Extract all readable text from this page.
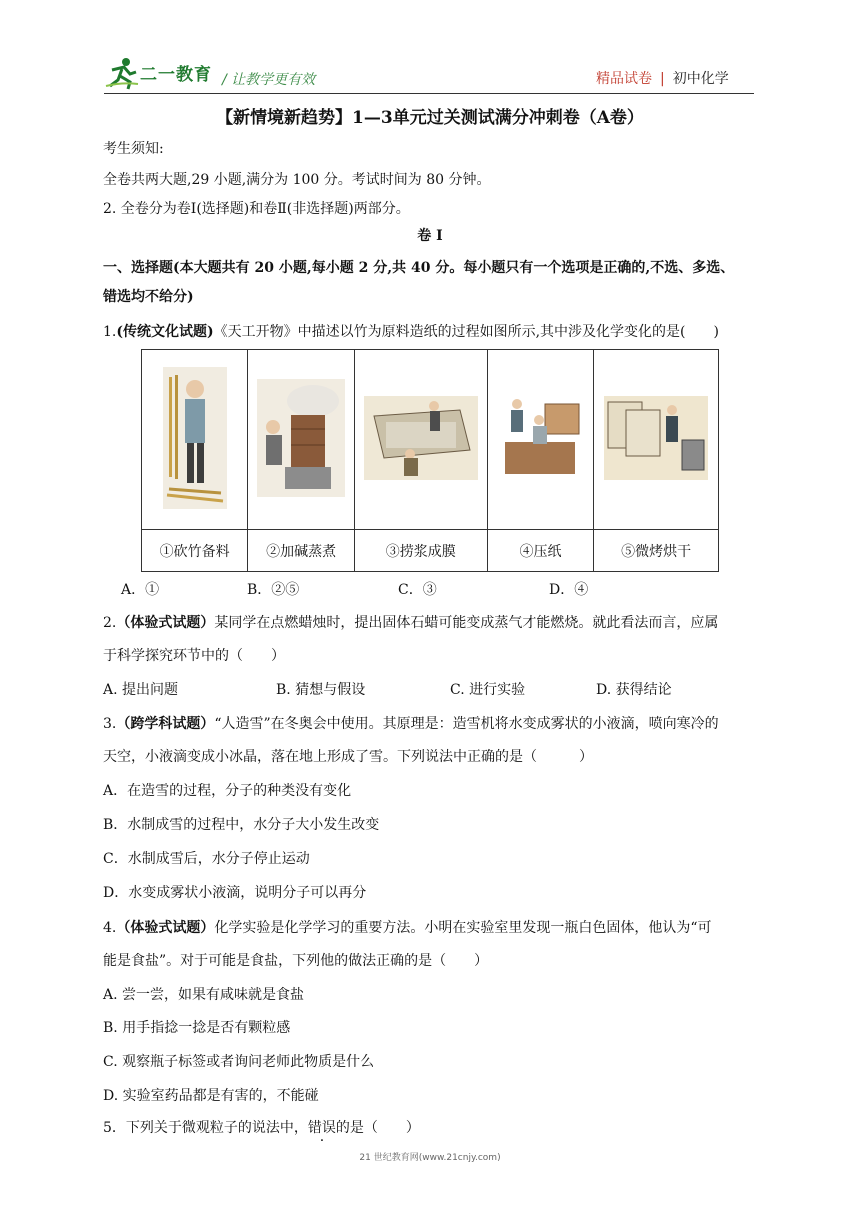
二一教育 / 让教学更有效	精品试卷 | 初中化学
【新情境新趋势】1—3单元过关测试满分冲刺卷（A卷）
考生须知:
全卷共两大题,29 小题,满分为 100 分。考试时间为 80 分钟。
2. 全卷分为卷Ⅰ(选择题)和卷Ⅱ(非选择题)两部分。
卷 Ⅰ
一、选择题(本大题共有 20 小题,每小题 2 分,共 40 分。每小题只有一个选项是正确的,不选、多选、
错选均不给分)
1.(传统文化试题)《天工开物》中描述以竹为原料造纸的过程如图所示,其中涉及化学变化的是(　　)

①砍竹备料	②加碱蒸煮	③捞浆成膜	④压纸	⑤微烤烘干
A．①	B．②⑤	C．③	D．④
2.（体验式试题）某同学在点燃蜡烛时，提出固体石蜡可能变成蒸气才能燃烧。就此看法而言，应属
于科学探究环节中的（　　）
A. 提出问题	B. 猜想与假设	C. 进行实验	D. 获得结论
3.（跨学科试题）“人造雪”在冬奥会中使用。其原理是：造雪机将水变成雾状的小液滴，喷向寒冷的
天空，小液滴变成小冰晶，落在地上形成了雪。下列说法中正确的是（　　　）
A．在造雪的过程，分子的种类没有变化
B．水制成雪的过程中，水分子大小发生改变
C．水制成雪后，水分子停止运动
D．水变成雾状小液滴，说明分子可以再分
4.（体验式试题）化学实验是化学学习的重要方法。小明在实验室里发现一瓶白色固体，他认为“可
能是食盐”。对于可能是食盐，下列他的做法正确的是（　　）
A. 尝一尝，如果有咸味就是食盐
B. 用手指捻一捻是否有颗粒感
C. 观察瓶子标签或者询问老师此物质是什么
D. 实验室药品都是有害的，不能碰
5．下列关于微观粒子的说法中，错误的是（　　）
21 世纪教育网(www.21cnjy.com)
